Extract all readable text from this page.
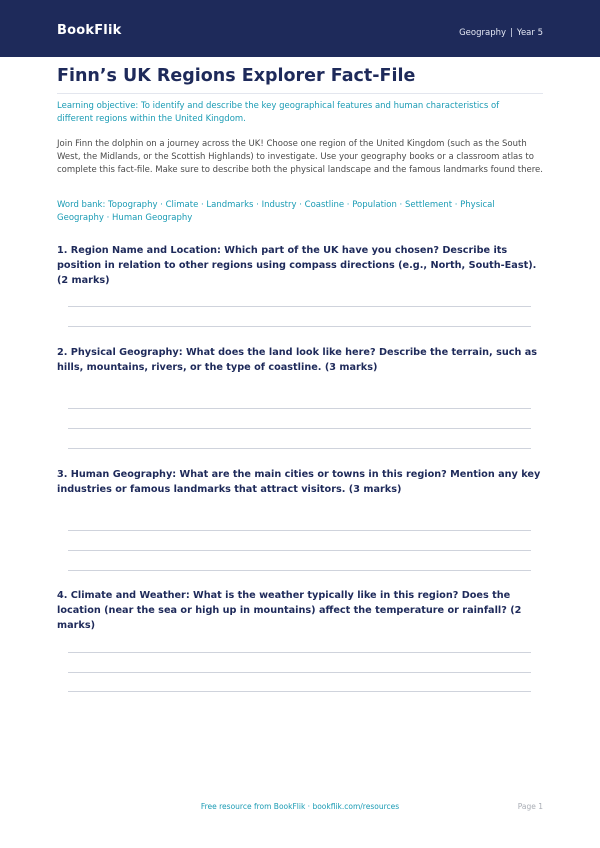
BookFlik	Geography | Year 5
Finn’s UK Regions Explorer Fact-File

Learning objective: To identify and describe the key geographical features and human characteristics of different regions within the United Kingdom.

Join Finn the dolphin on a journey across the UK! Choose one region of the United Kingdom (such as the South West, the Midlands, or the Scottish Highlands) to investigate. Use your geography books or a classroom atlas to complete this fact-file. Make sure to describe both the physical landscape and the famous landmarks found there.

Word bank: Topography · Climate · Landmarks · Industry · Coastline · Population · Settlement · Physical Geography · Human Geography

1. Region Name and Location: Which part of the UK have you chosen? Describe its position in relation to other regions using compass directions (e.g., North, South-East). (2 marks)

2. Physical Geography: What does the land look like here? Describe the terrain, such as hills, mountains, rivers, or the type of coastline. (3 marks)

3. Human Geography: What are the main cities or towns in this region? Mention any key industries or famous landmarks that attract visitors. (3 marks)

4. Climate and Weather: What is the weather typically like in this region? Does the location (near the sea or high up in mountains) affect the temperature or rainfall? (2 marks)

Free resource from BookFlik · bookflik.com/resources	Page 1
